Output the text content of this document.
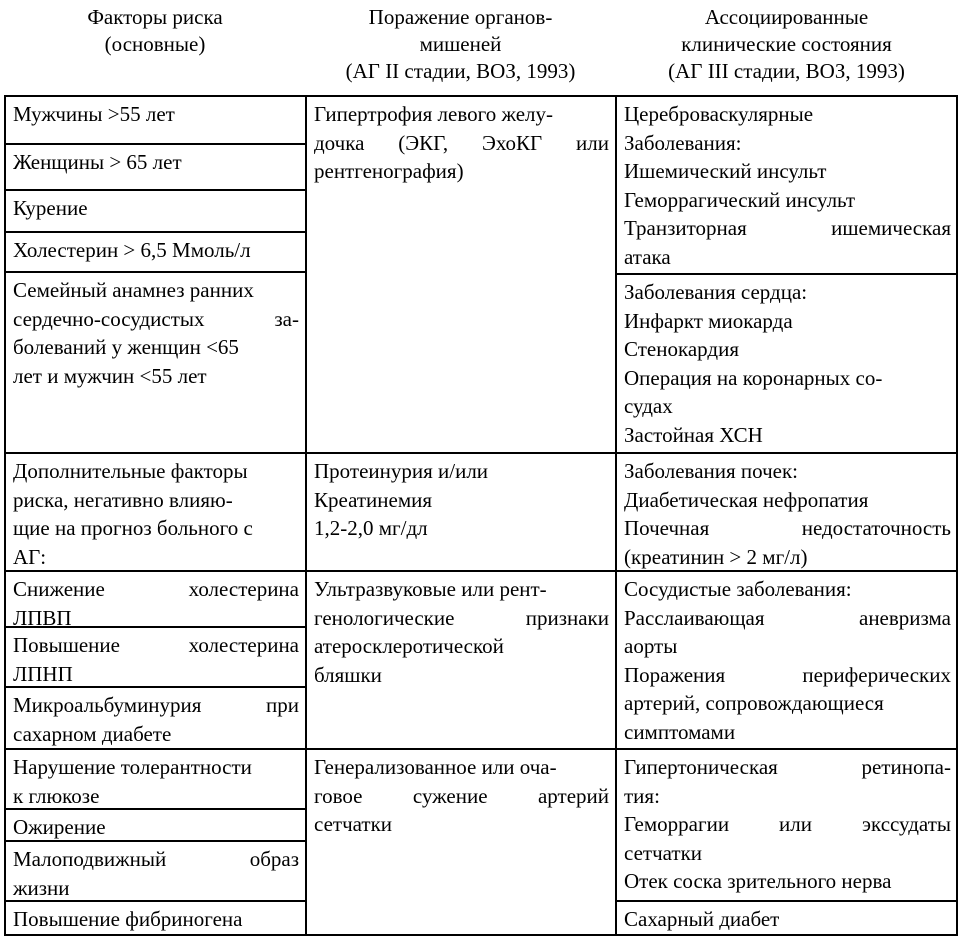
Факторы риска
(основные)
Поражение органов-
мишеней
(АГ II стадии, ВОЗ, 1993)
Ассоциированные
клинические состояния
(АГ III стадии, ВОЗ, 1993)
Мужчины >55 лет
Женщины > 65 лет
Курение
Холестерин > 6,5 Ммоль/л
Семейный анамнез ранних
сердечно-сосудистых за-
болеваний у женщин <65
лет и мужчин <55 лет
Дополнительные факторы
риска, негативно влияю-
щие на прогноз больного с
АГ:
Снижение холестерина
ЛПВП
Повышение холестерина
ЛПНП
Микроальбуминурия при
сахарном диабете
Нарушение толерантности
к глюкозе
Ожирение
Малоподвижный образ
жизни
Повышение фибриногена
Гипертрофия левого желу-
дочка (ЭКГ, ЭхоКГ или
рентгенография)
Протеинурия и/или
Креатинемия
1,2-2,0 мг/дл
Ультразвуковые или рент-
генологические признаки
атеросклеротической
бляшки
Генерализованное или оча-
говое сужение артерий
сетчатки
Цереброваскулярные
Заболевания:
Ишемический инсульт
Геморрагический инсульт
Транзиторная ишемическая
атака
Заболевания сердца:
Инфаркт миокарда
Стенокардия
Операция на коронарных со-
судах
Застойная ХСН
Заболевания почек:
Диабетическая нефропатия
Почечная недостаточность
(креатинин > 2 мг/л)
Сосудистые заболевания:
Расслаивающая аневризма
аорты
Поражения периферических
артерий, сопровождающиеся
симптомами
Гипертоническая ретинопа-
тия:
Геморрагии или экссудаты
сетчатки
Отек соска зрительного нерва
Сахарный диабет
